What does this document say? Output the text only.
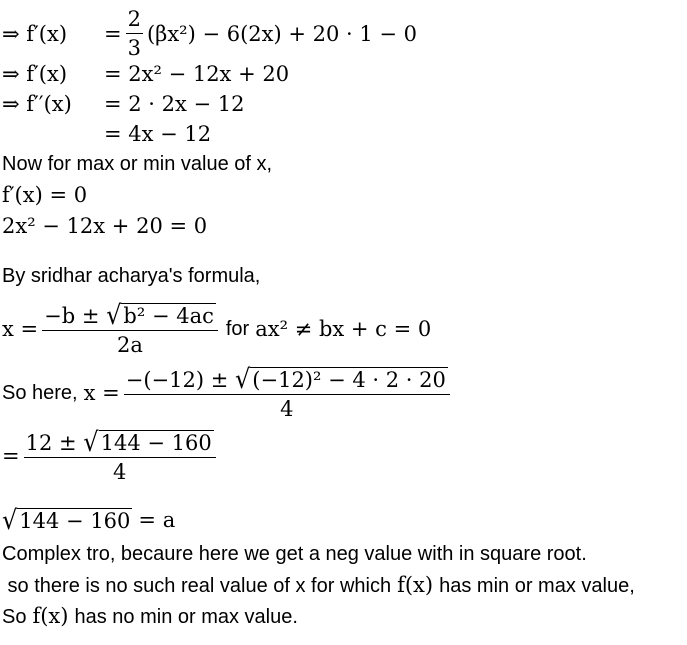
⇒ f′(x)	= $\frac{2}{3} (\beta x^2) - 6(2x) + 20 \cdot 1 - 0$
⇒ f′(x)	= 2x² − 12x + 20
⇒ f′′(x)	= 2 · 2x − 12
= 4x − 12
Now for max or min value of x,
f′(x) = 0
2x² − 12x + 20 = 0
By sridhar acharya's formula,
$x = \frac{\text{−b ± √ b² − 4ac}}{2a}$ for ax² ≠ bx + c = 0
So here, $x = \frac{\text{−(−12) ± √ (−12)² − 4 · 2 · 20}}{4}$
= $\frac{12 \pm √ 144 - 160}{4}$
√ 144 − 160 = a
Complex tro, becaure here we get a neg value with in square root.
so there is no such real value of x for which f(x) has min or max value,
So f(x) has no min or max value.
